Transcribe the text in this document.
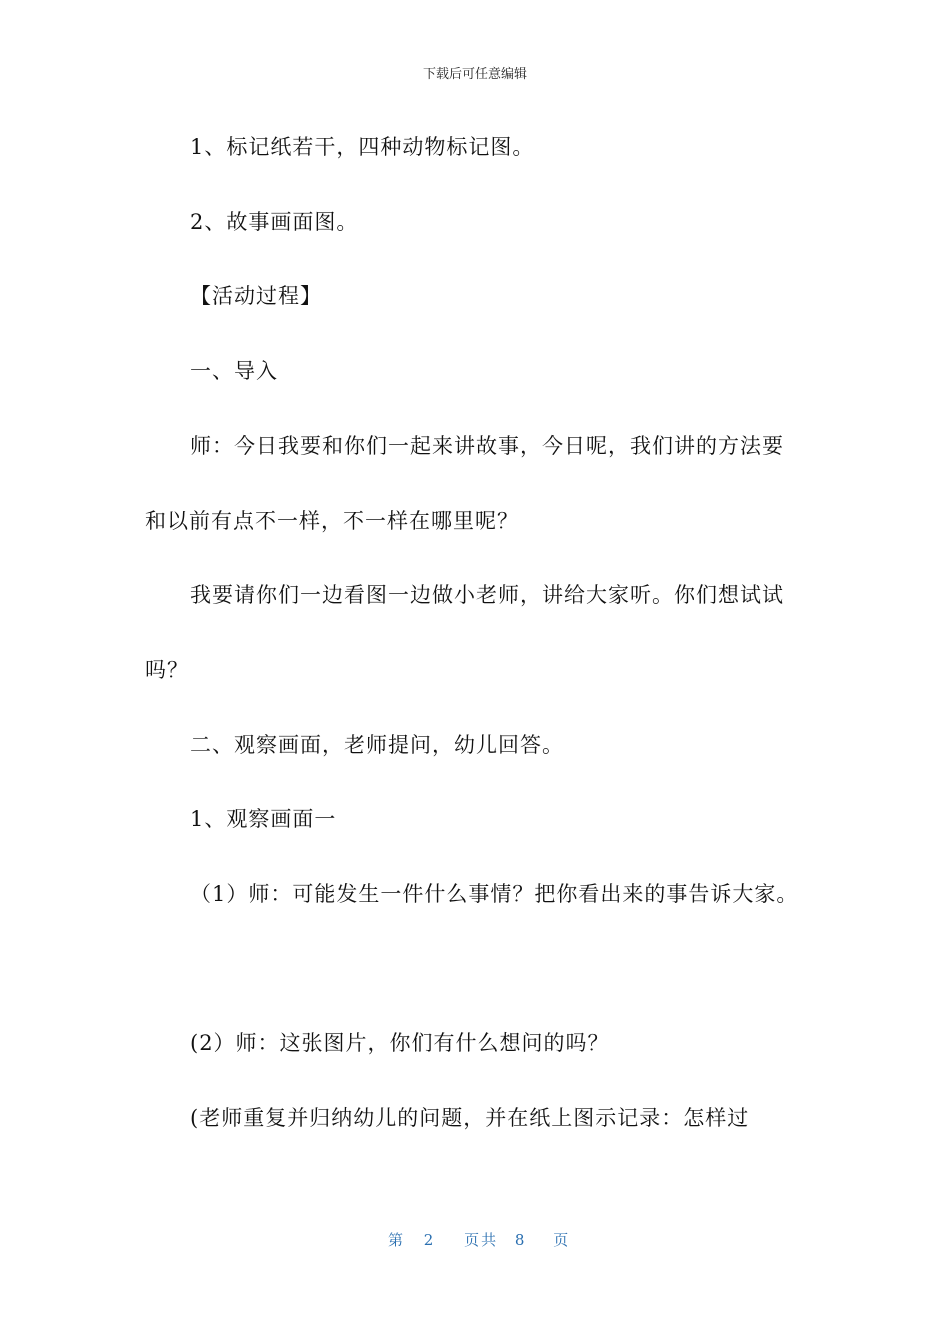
下载后可任意编辑
1、标记纸若干，四种动物标记图。
2、故事画面图。
【活动过程】
一、导入
师：今日我要和你们一起来讲故事，今日呢，我们讲的方法要
和以前有点不一样，不一样在哪里呢？
我要请你们一边看图一边做小老师，讲给大家听。你们想试试
吗？
二、观察画面，老师提问，幼儿回答。
1、观察画面一
（1）师：可能发生一件什么事情？把你看出来的事告诉大家。
(2）师：这张图片，你们有什么想问的吗？
(老师重复并归纳幼儿的问题，并在纸上图示记录：怎样过
第 2 页共 8 页
